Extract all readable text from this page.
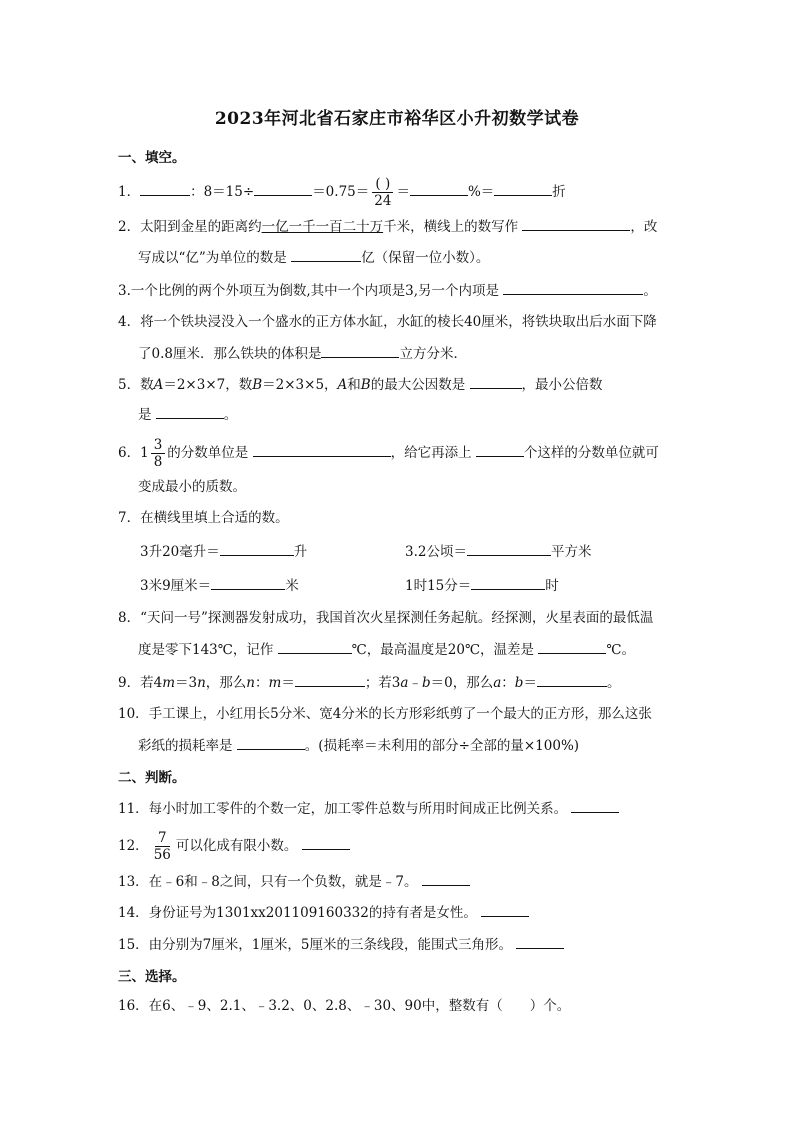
2023年河北省石家庄市裕华区小升初数学试卷
一、填空。
1．	：8＝15÷	$=0.75= \frac{( )}{24}$ ＝	%＝	折
2．太阳到金星的距离约一亿一千一百二十万千米，横线上的数写作	，改
写成以“亿”为单位的数是	亿（保留一位小数）。
3.一个比例的两个外项互为倒数,其中一个内项是3,另一个内项是	。
4．将一个铁块浸没入一个盛水的正方体水缸，水缸的棱长40厘米，将铁块取出后水面下降
了0.8厘米．那么铁块的体积是	立方分米．
5．数A＝2×3×7，数B＝2×3×5，A和B的最大公因数是	，最小公倍数
是	。
6．$1 \frac{3}{8}$ 的分数单位是	，给它再添上	个这样的分数单位就可
变成最小的质数。
7．在横线里填上合适的数。
3升20毫升＝	升	3.2公顷＝	平方米
3米9厘米＝	米	1时15分＝	时
8．“天问一号”探测器发射成功，我国首次火星探测任务起航。经探测，火星表面的最低温
度是零下143℃，记作	℃，最高温度是20℃，温差是	℃。
9．若4m＝3n，那么n：m＝	；若3a﹣b＝0，那么a：b＝	。
10．手工课上，小红用长5分米、宽4分米的长方形彩纸剪了一个最大的正方形，那么这张
彩纸的损耗率是	。(损耗率＝未利用的部分÷全部的量×100%)
二、判断。
11．每小时加工零件的个数一定，加工零件总数与所用时间成正比例关系。
12． $\frac{7}{56}$ 可以化成有限小数。
13．在﹣6和﹣8之间，只有一个负数，就是﹣7。
14．身份证号为1301xx201109160332的持有者是女性。
15．由分别为7厘米，1厘米，5厘米的三条线段，能围式三角形。
三、选择。
16．在6、﹣9、2.1、﹣3.2、0、2.8、﹣30、90中，整数有（　　）个。
